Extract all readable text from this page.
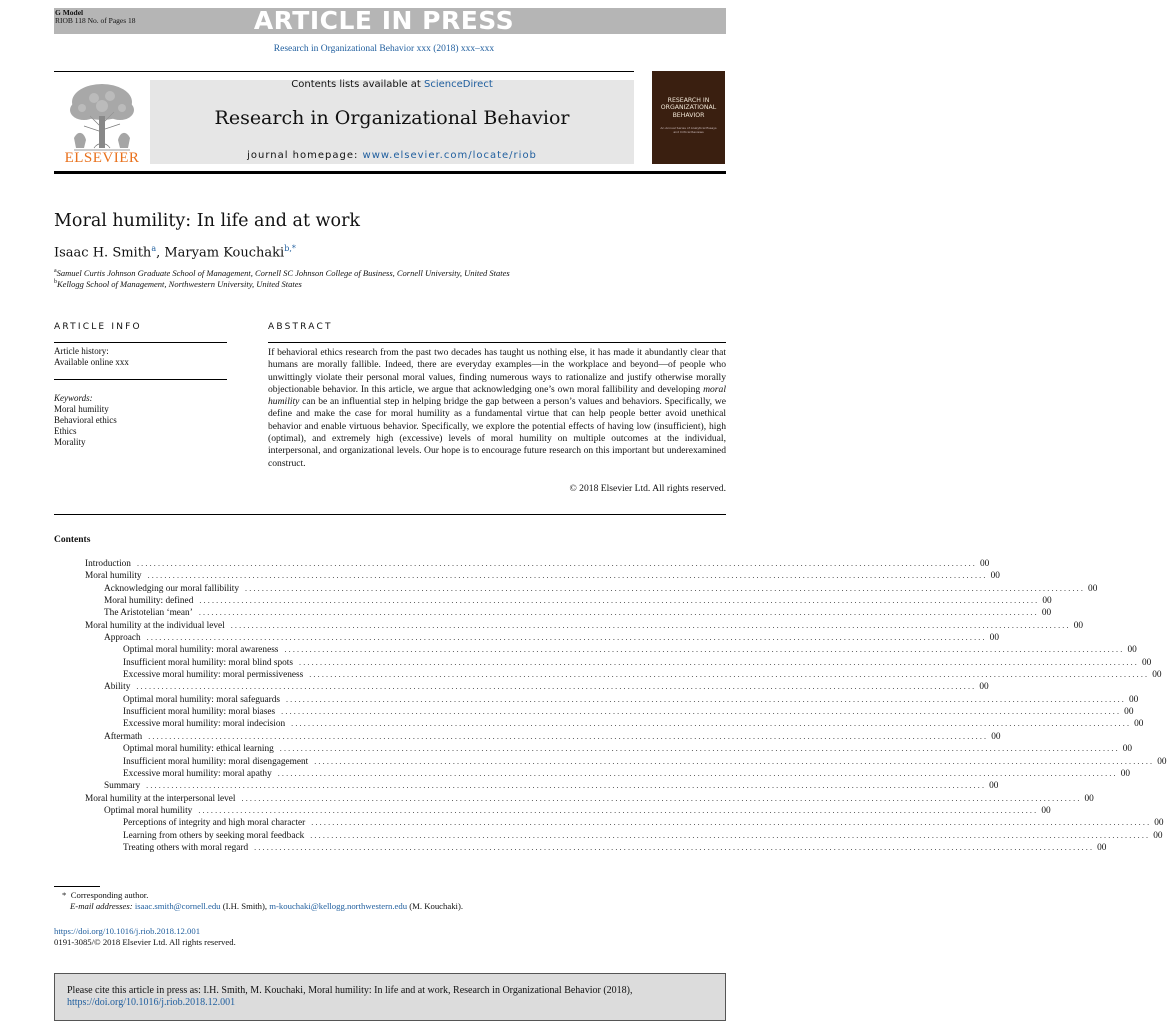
G Model
RIOB 118 No. of Pages 18	ARTICLE IN PRESS
Research in Organizational Behavior xxx (2018) xxx–xxx
ELSEVIER
Contents lists available at ScienceDirect
Research in Organizational Behavior
journal homepage: www.elsevier.com/locate/riob
RESEARCH IN ORGANIZATIONAL BEHAVIOR
An Annual Series of Analytical Essays and Critical Reviews
Moral humility: In life and at work
Isaac H. Smith$^a$, Maryam Kouchaki$^{b,*}$
$^a$Samuel Curtis Johnson Graduate School of Management, Cornell SC Johnson College of Business, Cornell University, United States
$^b$Kellogg School of Management, Northwestern University, United States
ARTICLE INFO
Article history:
Available online xxx
Keywords:
Moral humility
Behavioral ethics
Ethics
Morality
ABSTRACT
If behavioral ethics research from the past two decades has taught us nothing else, it has made it abundantly clear that humans are morally fallible. Indeed, there are everyday examples—in the workplace and beyond—of people who unwittingly violate their personal moral values, finding numerous ways to rationalize and justify otherwise morally objectionable behavior. In this article, we argue that acknowledging one’s own moral fallibility and developing moral humility can be an influential step in helping bridge the gap between a person’s values and behaviors. Specifically, we define and make the case for moral humility as a fundamental virtue that can help people better avoid unethical behavior and enable virtuous behavior. Specifically, we explore the potential effects of having low (insufficient), high (optimal), and extremely high (excessive) levels of moral humility on multiple outcomes at the individual, interpersonal, and organizational levels. Our hope is to encourage future research on this important but underexamined construct.
© 2018 Elsevier Ltd. All rights reserved.
Contents
Introduction ........................................................................................................................................................................................................ 00
Moral humility ........................................................................................................................................................................................................ 00
Acknowledging our moral fallibility ........................................................................................................................................................................................................ 00
Moral humility: defined ........................................................................................................................................................................................................ 00
The Aristotelian ‘mean’ ........................................................................................................................................................................................................ 00
Moral humility at the individual level ........................................................................................................................................................................................................ 00
Approach ........................................................................................................................................................................................................ 00
Optimal moral humility: moral awareness ........................................................................................................................................................................................................ 00
Insufficient moral humility: moral blind spots ........................................................................................................................................................................................................ 00
Excessive moral humility: moral permissiveness ........................................................................................................................................................................................................ 00
Ability ........................................................................................................................................................................................................ 00
Optimal moral humility: moral safeguards ........................................................................................................................................................................................................ 00
Insufficient moral humility: moral biases ........................................................................................................................................................................................................ 00
Excessive moral humility: moral indecision ........................................................................................................................................................................................................ 00
Aftermath ........................................................................................................................................................................................................ 00
Optimal moral humility: ethical learning ........................................................................................................................................................................................................ 00
Insufficient moral humility: moral disengagement ........................................................................................................................................................................................................ 00
Excessive moral humility: moral apathy ........................................................................................................................................................................................................ 00
Summary ........................................................................................................................................................................................................ 00
Moral humility at the interpersonal level ........................................................................................................................................................................................................ 00
Optimal moral humility ........................................................................................................................................................................................................ 00
Perceptions of integrity and high moral character ........................................................................................................................................................................................................ 00
Learning from others by seeking moral feedback ........................................................................................................................................................................................................ 00
Treating others with moral regard ........................................................................................................................................................................................................ 00
* Corresponding author.
E-mail addresses: isaac.smith@cornell.edu (I.H. Smith), m-kouchaki@kellogg.northwestern.edu (M. Kouchaki).
https://doi.org/10.1016/j.riob.2018.12.001
0191-3085/© 2018 Elsevier Ltd. All rights reserved.
Please cite this article in press as: I.H. Smith, M. Kouchaki, Moral humility: In life and at work, Research in Organizational Behavior (2018),
https://doi.org/10.1016/j.riob.2018.12.001
